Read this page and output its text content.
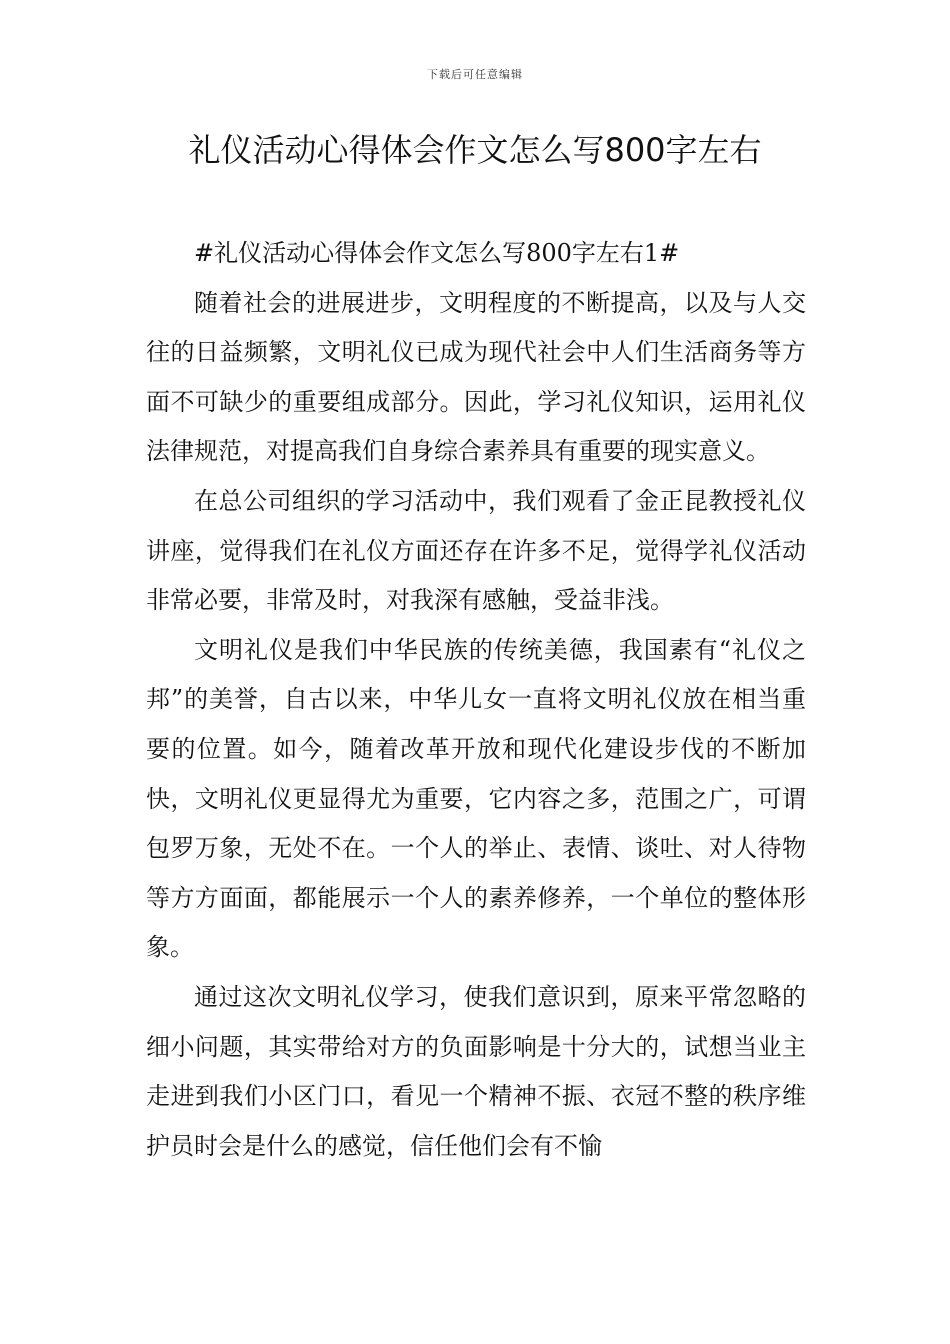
下载后可任意编辑
礼仪活动心得体会作文怎么写800字左右

#礼仪活动心得体会作文怎么写800字左右1#

随着社会的进展进步，文明程度的不断提高，以及与人交往的日益频繁，文明礼仪已成为现代社会中人们生活商务等方面不可缺少的重要组成部分。因此，学习礼仪知识，运用礼仪法律规范，对提高我们自身综合素养具有重要的现实意义。

在总公司组织的学习活动中，我们观看了金正昆教授礼仪讲座，觉得我们在礼仪方面还存在许多不足，觉得学礼仪活动非常必要，非常及时，对我深有感触，受益非浅。

文明礼仪是我们中华民族的传统美德，我国素有“礼仪之邦”的美誉，自古以来，中华儿女一直将文明礼仪放在相当重要的位置。如今，随着改革开放和现代化建设步伐的不断加快，文明礼仪更显得尤为重要，它内容之多，范围之广，可谓包罗万象，无处不在。一个人的举止、表情、谈吐、对人待物等方方面面，都能展示一个人的素养修养，一个单位的整体形象。

通过这次文明礼仪学习，使我们意识到，原来平常忽略的细小问题，其实带给对方的负面影响是十分大的，试想当业主走进到我们小区门口，看见一个精神不振、衣冠不整的秩序维护员时会是什么的感觉，信任他们会有不愉
